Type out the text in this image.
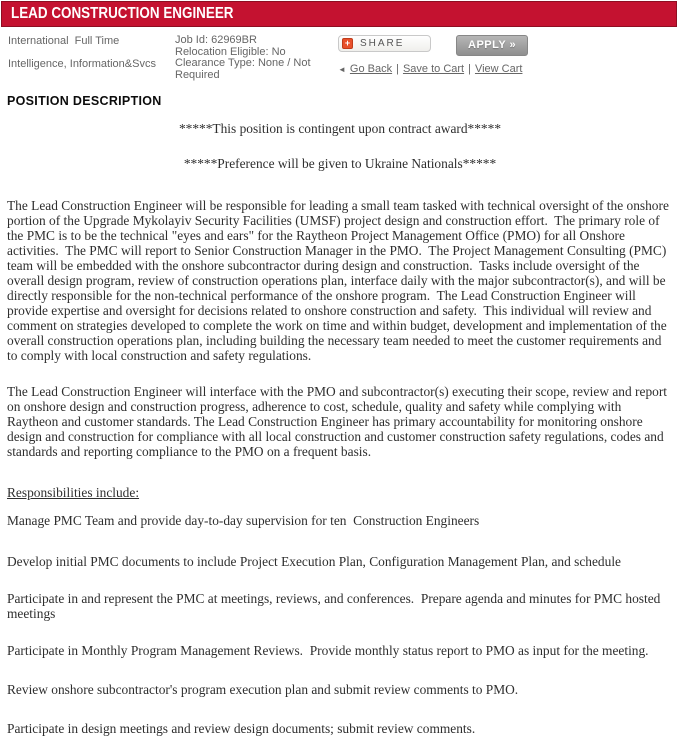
LEAD CONSTRUCTION ENGINEER
International  Full Time
Intelligence, Information&Svcs
Job Id: 62969BR
Relocation Eligible: No
Clearance Type: None / Not Required
+ SHARE	APPLY »
◄ Go Back | Save to Cart | View Cart
POSITION DESCRIPTION
*****This position is contingent upon contract award*****
*****Preference will be given to Ukraine Nationals*****
The Lead Construction Engineer will be responsible for leading a small team tasked with technical oversight of the onshore portion of the Upgrade Mykolayiv Security Facilities (UMSF) project design and construction effort.  The primary role of the PMC is to be the technical "eyes and ears" for the Raytheon Project Management Office (PMO) for all Onshore activities.  The PMC will report to Senior Construction Manager in the PMO.  The Project Management Consulting (PMC) team will be embedded with the onshore subcontractor during design and construction.  Tasks include oversight of the overall design program, review of construction operations plan, interface daily with the major subcontractor(s), and will be directly responsible for the non-technical performance of the onshore program.  The Lead Construction Engineer will provide expertise and oversight for decisions related to onshore construction and safety.  This individual will review and comment on strategies developed to complete the work on time and within budget, development and implementation of the overall construction operations plan, including building the necessary team needed to meet the customer requirements and to comply with local construction and safety regulations.
The Lead Construction Engineer will interface with the PMO and subcontractor(s) executing their scope, review and report on onshore design and construction progress, adherence to cost, schedule, quality and safety while complying with Raytheon and customer standards. The Lead Construction Engineer has primary accountability for monitoring onshore design and construction for compliance with all local construction and customer construction safety regulations, codes and standards and reporting compliance to the PMO on a frequent basis.
Responsibilities include:
Manage PMC Team and provide day-to-day supervision for ten  Construction Engineers
Develop initial PMC documents to include Project Execution Plan, Configuration Management Plan, and schedule
Participate in and represent the PMC at meetings, reviews, and conferences.  Prepare agenda and minutes for PMC hosted meetings
Participate in Monthly Program Management Reviews.  Provide monthly status report to PMO as input for the meeting.
Review onshore subcontractor's program execution plan and submit review comments to PMO.
Participate in design meetings and review design documents; submit review comments.
